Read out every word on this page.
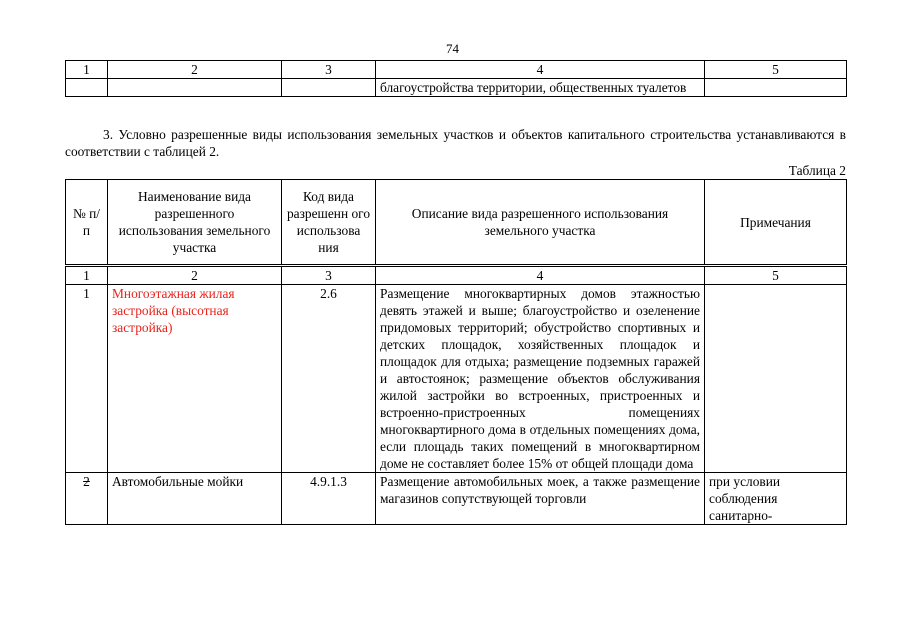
74
1	2	3	4	5
			благоустройства территории, общественных туалетов	
3. Условно разрешенные виды использования земельных участков и объектов капитального строительства устанавливаются в соответствии с таблицей 2.
Таблица 2
№ п/п	Наименование вида разрешенного использования земельного участка	Код вида разрешенн ого использова ния	Описание вида разрешенного использования земельного участка	Примечания
1	2	3	4	5
1	Многоэтажная жилая застройка (высотная застройка)	2.6	Размещение многоквартирных домов этажностью девять этажей и выше; благоустройство и озеленение придомовых территорий; обустройство спортивных и детских площадок, хозяйственных площадок и площадок для отдыха; размещение подземных гаражей и автостоянок; размещение объектов обслуживания жилой застройки во встроенных, пристроенных и встроенно-пристроенных помещениях многоквартирного дома в отдельных помещениях дома, если площадь таких помещений в многоквартирном доме не составляет более 15% от общей площади дома	
2	Автомобильные мойки	4.9.1.3	Размещение автомобильных моек, а также размещение магазинов сопутствующей торговли	при условии соблюдения санитарно-
